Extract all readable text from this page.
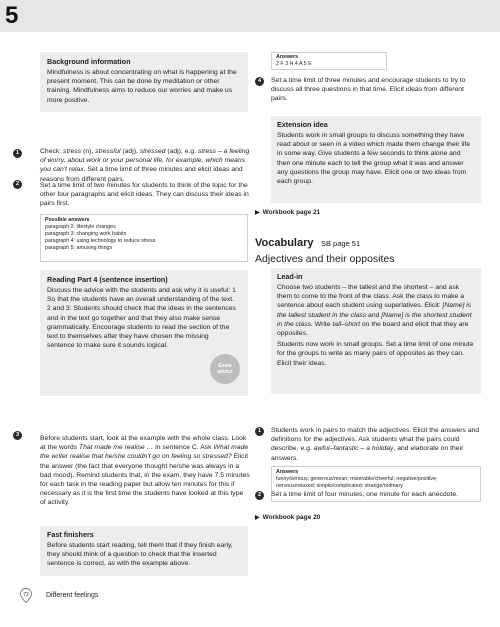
5
Background information
Mindfulness is about concentrating on what is happening at the present moment. This can be done by meditation or other training. Mindfulness aims to reduce our worries and make us more positive.
1	Check: stress (n), stressful (adj), stressed (adj), e.g. stress – a feeling of worry, about work or your personal life, for example, which means you can't relax. Set a time limit of three minutes and elicit ideas and reasons from different pairs.
2	Set a time limit of two minutes for students to think of the topic for the other four paragraphs and elicit ideas. They can discuss their ideas in pairs first.
Possible answers
paragraph 2: lifestyle changes
paragraph 3: changing work habits
paragraph 4: using technology to reduce stress
paragraph 5: amusing things
Reading Part 4 (sentence insertion)
Discuss the advice with the students and ask why it is useful: 1 So that the students have an overall understanding of the text. 2 and 3: Students should check that the ideas in the sentences and in the text go together and that they also make sense grammatically. Encourage students to read the section of the text to themselves after they have chosen the missing sentence to make sure it sounds logical.
Exam advice
3	Before students start, look at the example with the whole class. Look at the words That made me realise … in sentence C. Ask What made the writer realise that he/she couldn't go on feeling so stressed? Elicit the answer (the fact that everyone thought he/she was always in a bad mood). Remind students that, in the exam, they have 7.5 minutes for each task in the reading paper but allow ten minutes for this if necessary as it is the first time the students have looked at this type of activity.
Fast finishers
Before students start reading, tell them that if they finish early, they should think of a question to check that the inserted sentence is correct, as with the example above.
Answers
2 F 3 H 4 A 5 E
4	Set a time limit of three minutes and encourage students to try to discuss all three questions in that time. Elicit ideas from different pairs.
Extension idea
Students work in small groups to discuss something they have read about or seen in a video which made them change their life in some way. Give students a few seconds to think alone and then one minute each to tell the group what it was and answer any questions the group may have. Elicit one or two ideas from each group.
▶ Workbook page 21
Vocabulary SB page 51
Adjectives and their opposites
Lead-in
Choose two students – the tallest and the shortest – and ask them to come to the front of the class. Ask the class to make a sentence about each student using superlatives. Elicit: [Name] is the tallest student in the class and [Name] is the shortest student in the class. Write tall–short on the board and elicit that they are opposites.
Students now work in small groups. Set a time limit of one minute for the groups to write as many pairs of opposites as they can. Elicit their ideas.
1	Students work in pairs to match the adjectives. Elicit the answers and definitions for the adjectives. Ask students what the pairs could describe, e.g. awful–fantastic – a holiday, and elaborate on their answers.
Answers
funny/serious; generous/mean; miserable/cheerful; negative/positive; nervous/relaxed; simple/complicated; strange/ordinary
2	Set a time limit of four minutes, one minute for each anecdote.
▶ Workbook page 20
72	Different feelings
